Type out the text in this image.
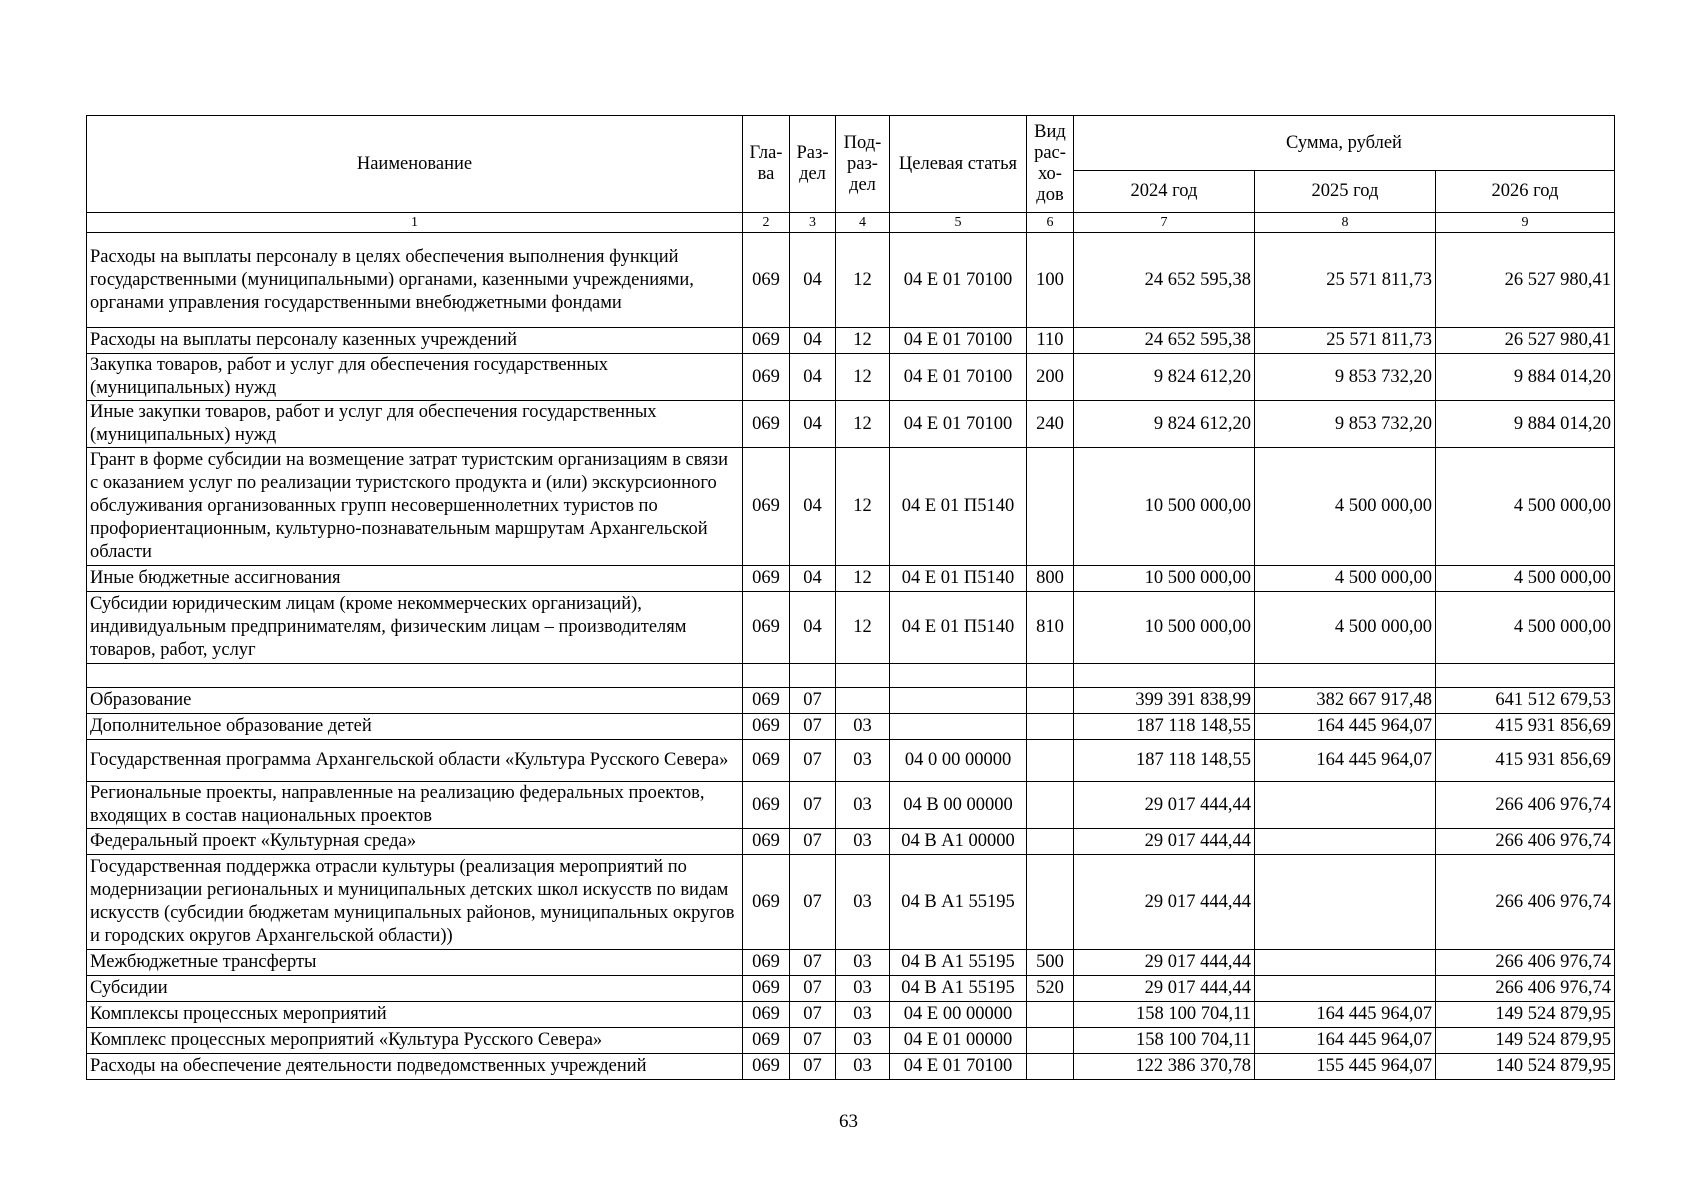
Наименование	Гла-ва	Раз-дел	Под-раз-дел	Целевая статья	Вид рас-хо-дов	Сумма, рублей		
						2024 год	2025 год	2026 год
1	2	3	4	5	6	7	8	9
Расходы на выплаты персоналу в целях обеспечения выполнения функций государственными (муниципальными) органами, казенными учреждениями, органами управления государственными внебюджетными фондами	069	04	12	04 Е 01 70100	100	24 652 595,38	25 571 811,73	26 527 980,41
Расходы на выплаты персоналу казенных учреждений	069	04	12	04 Е 01 70100	110	24 652 595,38	25 571 811,73	26 527 980,41
Закупка товаров, работ и услуг для обеспечения государственных (муниципальных) нужд	069	04	12	04 Е 01 70100	200	9 824 612,20	9 853 732,20	9 884 014,20
Иные закупки товаров, работ и услуг для обеспечения государственных (муниципальных) нужд	069	04	12	04 Е 01 70100	240	9 824 612,20	9 853 732,20	9 884 014,20
Грант в форме субсидии на возмещение затрат туристским организациям в связи с оказанием услуг по реализации туристского продукта и (или) экскурсионного обслуживания организованных групп несовершеннолетних туристов по профориентационным, культурно-познавательным маршрутам Архангельской области	069	04	12	04 Е 01 П5140		10 500 000,00	4 500 000,00	4 500 000,00
Иные бюджетные ассигнования	069	04	12	04 Е 01 П5140	800	10 500 000,00	4 500 000,00	4 500 000,00
Субсидии юридическим лицам (кроме некоммерческих организаций), индивидуальным предпринимателям, физическим лицам – производителям товаров, работ, услуг	069	04	12	04 Е 01 П5140	810	10 500 000,00	4 500 000,00	4 500 000,00

Образование	069	07				399 391 838,99	382 667 917,48	641 512 679,53
Дополнительное образование детей	069	07	03			187 118 148,55	164 445 964,07	415 931 856,69
Государственная программа Архангельской области «Культура Русского Севера»	069	07	03	04 0 00 00000		187 118 148,55	164 445 964,07	415 931 856,69
Региональные проекты, направленные на реализацию федеральных проектов, входящих в состав национальных проектов	069	07	03	04 В 00 00000		29 017 444,44		266 406 976,74
Федеральный проект «Культурная среда»	069	07	03	04 В А1 00000		29 017 444,44		266 406 976,74
Государственная поддержка отрасли культуры (реализация мероприятий по модернизации региональных и муниципальных детских школ искусств по видам искусств (субсидии бюджетам муниципальных районов, муниципальных округов и городских округов Архангельской области))	069	07	03	04 В А1 55195		29 017 444,44		266 406 976,74
Межбюджетные трансферты	069	07	03	04 В А1 55195	500	29 017 444,44		266 406 976,74
Субсидии	069	07	03	04 В А1 55195	520	29 017 444,44		266 406 976,74
Комплексы процессных мероприятий	069	07	03	04 Е 00 00000		158 100 704,11	164 445 964,07	149 524 879,95
Комплекс процессных мероприятий «Культура Русского Севера»	069	07	03	04 Е 01 00000		158 100 704,11	164 445 964,07	149 524 879,95
Расходы на обеспечение деятельности подведомственных учреждений	069	07	03	04 Е 01 70100		122 386 370,78	155 445 964,07	140 524 879,95
63
